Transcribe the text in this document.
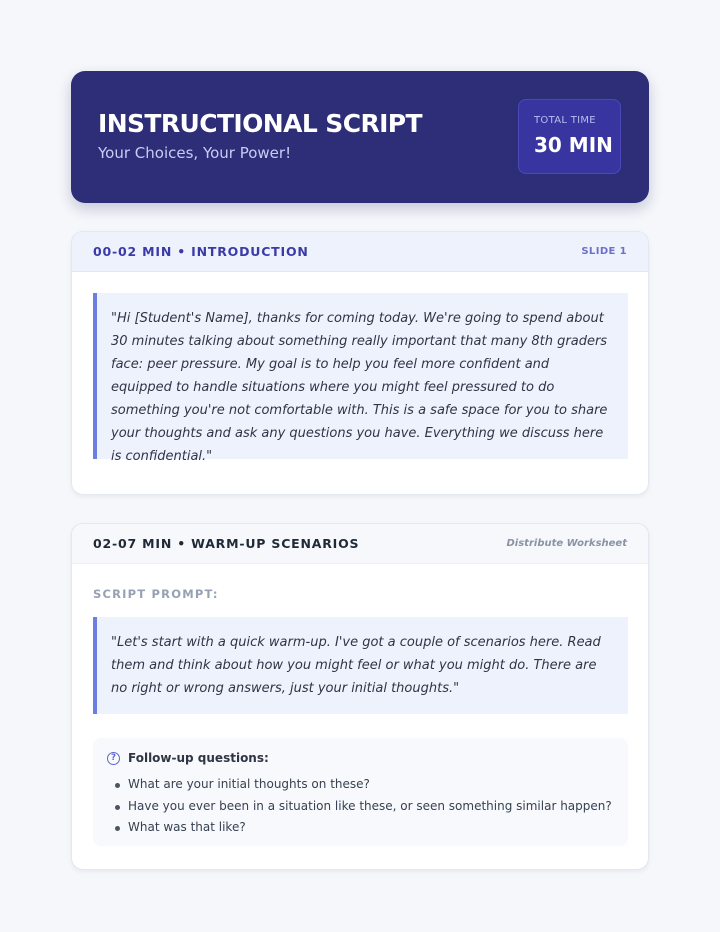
INSTRUCTIONAL SCRIPT
Your Choices, Your Power!
TOTAL TIME
30 MIN
00-02 MIN • INTRODUCTION	SLIDE 1
"Hi [Student's Name], thanks for coming today. We're going to spend about 30 minutes talking about something really important that many 8th graders face: peer pressure. My goal is to help you feel more confident and equipped to handle situations where you might feel pressured to do something you're not comfortable with. This is a safe space for you to share your thoughts and ask any questions you have. Everything we discuss here is confidential."
02-07 MIN • WARM-UP SCENARIOS	Distribute Worksheet
SCRIPT PROMPT:
"Let's start with a quick warm-up. I've got a couple of scenarios here. Read them and think about how you might feel or what you might do. There are no right or wrong answers, just your initial thoughts."
?	Follow-up questions:
What are your initial thoughts on these?
Have you ever been in a situation like these, or seen something similar happen?
What was that like?
